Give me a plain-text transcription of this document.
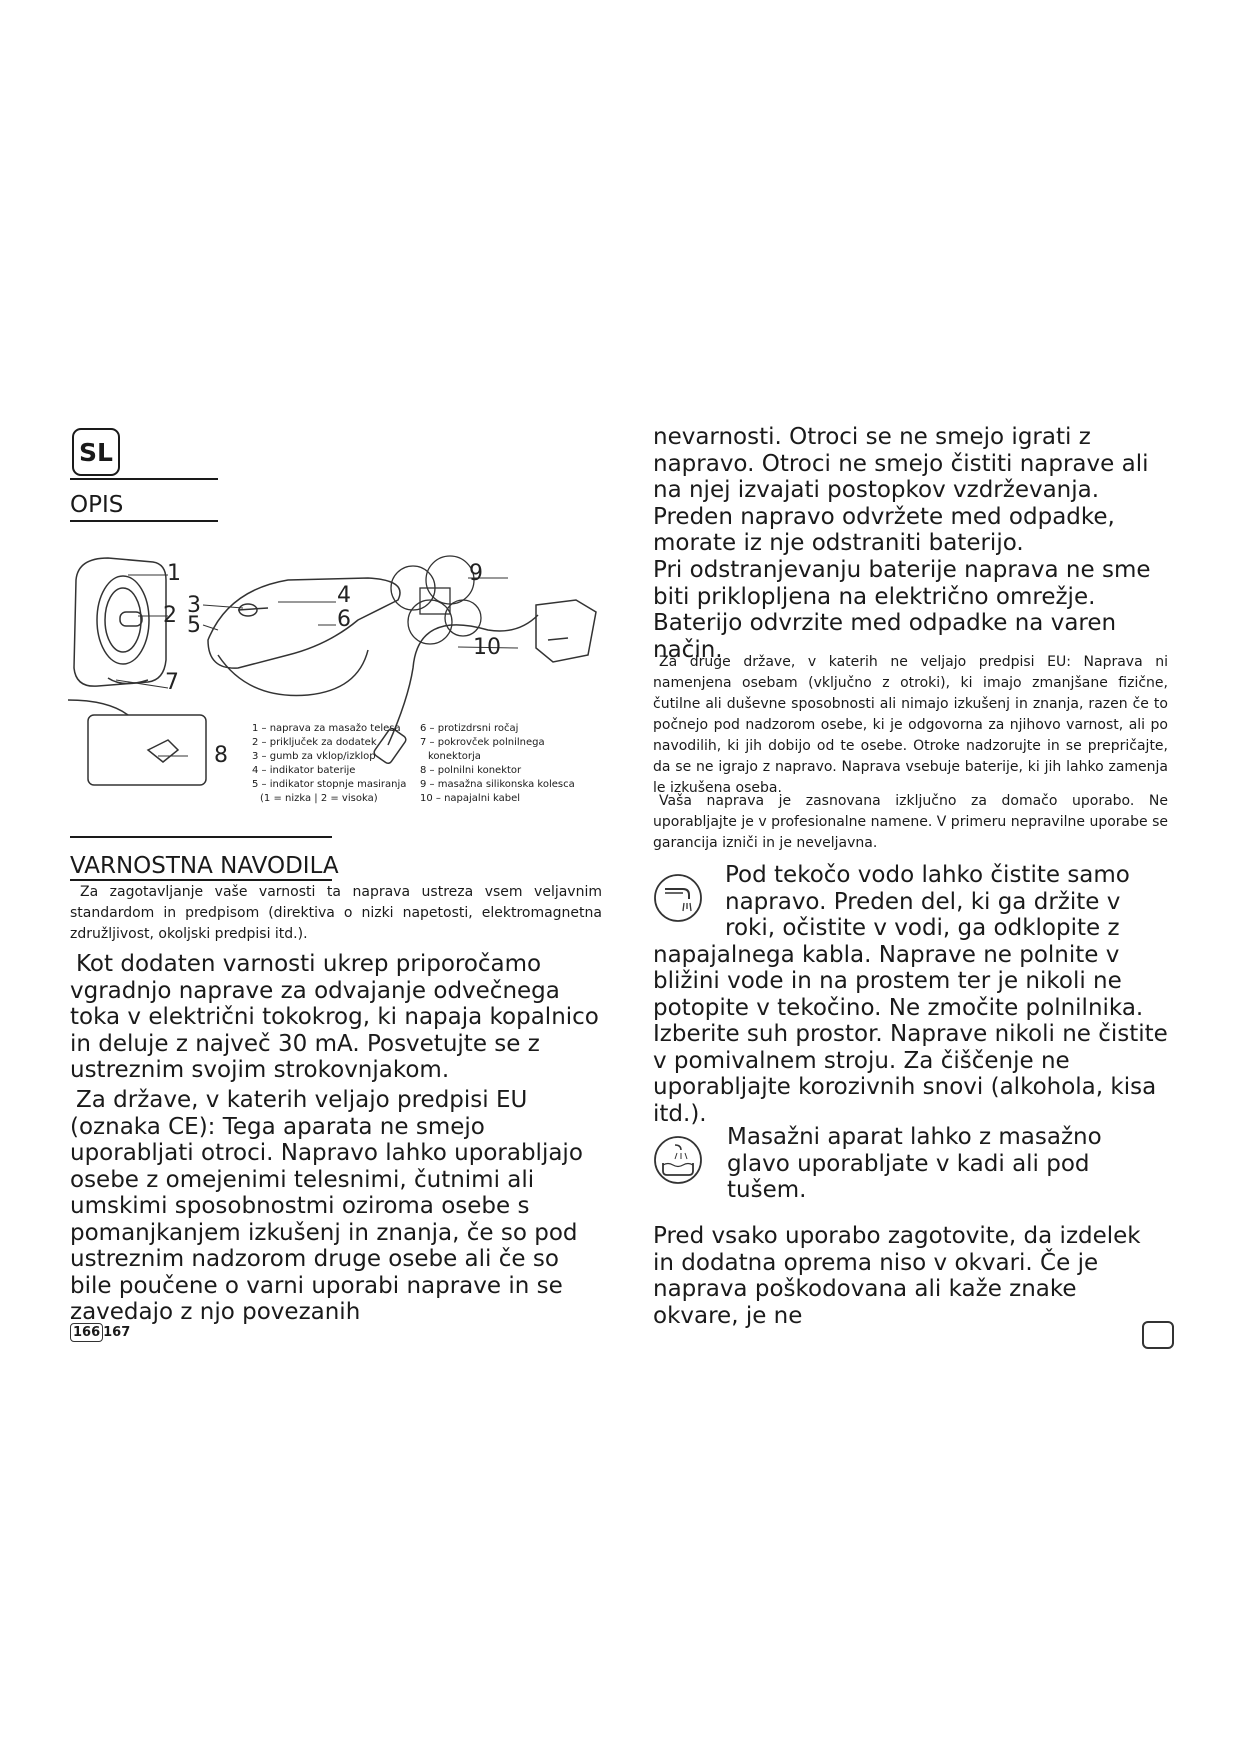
SL
OPIS
1
2 3	4
5	6
7
8
9
10
1 – naprava za masažo telesa
2 – priključek za dodatek
3 – gumb za vklop/izklop
4 – indikator baterije
5 – indikator stopnje masiranja
(1 = nizka | 2 = visoka)
6 – protizdrsni ročaj
7 – pokrovček polnilnega
konektorja
8 – polnilni konektor
9 – masažna silikonska kolesca
10 – napajalni kabel
VARNOSTNA NAVODILA
Za zagotavljanje vaše varnosti ta naprava ustreza vsem veljavnim standardom in predpisom (direktiva o nizki napetosti, elektromagnetna združljivost, okoljski predpisi itd.).
Kot dodaten varnosti ukrep priporočamo vgradnjo naprave za odvajanje odvečnega toka v električni tokokrog, ki napaja kopalnico in deluje z največ 30 mA. Posvetujte se z ustreznim svojim strokovnjakom.
Za države, v katerih veljajo predpisi EU (oznaka CE): Tega aparata ne smejo uporabljati otroci. Napravo lahko uporabljajo osebe z omejenimi telesnimi, čutnimi ali umskimi sposobnostmi oziroma osebe s pomanjkanjem izkušenj in znanja, če so pod ustreznim nadzorom druge osebe ali če so bile poučene o varni uporabi naprave in se zavedajo z njo povezanih
nevarnosti. Otroci se ne smejo igrati z napravo. Otroci ne smejo čistiti naprave ali na njej izvajati postopkov vzdrževanja. Preden napravo odvržete med odpadke, morate iz nje odstraniti baterijo.
Pri odstranjevanju baterije naprava ne sme biti priklopljena na električno omrežje. Baterijo odvrzite med odpadke na varen način.
Za druge države, v katerih ne veljajo predpisi EU: Naprava ni namenjena osebam (vključno z otroki), ki imajo zmanjšane fizične, čutilne ali duševne sposobnosti ali nimajo izkušenj in znanja, razen če to počnejo pod nadzorom osebe, ki je odgovorna za njihovo varnost, ali po navodilih, ki jih dobijo od te osebe. Otroke nadzorujte in se prepričajte, da se ne igrajo z napravo. Naprava vsebuje baterije, ki jih lahko zamenja le izkušena oseba.
Vaša naprava je zasnovana izključno za domačo uporabo. Ne uporabljajte je v profesionalne namene. V primeru nepravilne uporabe se garancija izniči in je neveljavna.
Pod tekočo vodo lahko čistite samo napravo. Preden del, ki ga držite v roki, očistite v vodi, ga odklopite z napajalnega kabla. Naprave ne polnite v bližini vode in na prostem ter je nikoli ne potopite v tekočino. Ne zmočite polnilnika. Izberite suh prostor. Naprave nikoli ne čistite v pomivalnem stroju. Za čiščenje ne uporabljajte korozivnih snovi (alkohola, kisa itd.).
Masažni aparat lahko z masažno glavo uporabljate v kadi ali pod tušem.
Pred vsako uporabo zagotovite, da izdelek in dodatna oprema niso v okvari. Če je naprava poškodovana ali kaže znake okvare, je ne
166 167
